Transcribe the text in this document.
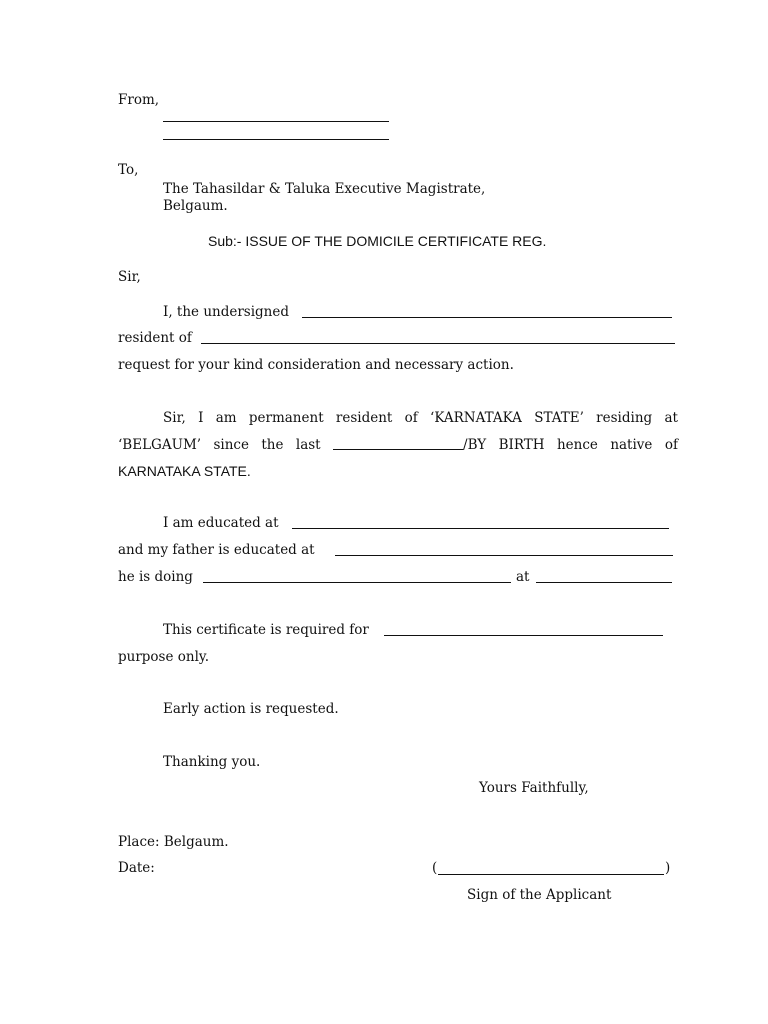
From,
To,
The Tahasildar & Taluka Executive Magistrate,
Belgaum.
Sub:- ISSUE OF THE DOMICILE CERTIFICATE REG.
Sir,
I, the undersigned
resident of
request for your kind consideration and necessary action.
Sir, I am permanent resident of ‘KARNATAKA STATE’ residing at
‘BELGAUM’ since the last	/BY BIRTH hence native of
KARNATAKA STATE.
I am educated at
and my father is educated at
he is doing	at
This certificate is required for
purpose only.
Early action is requested.
Thanking you.
Yours Faithfully,
Place: Belgaum.
Date:	(	)
Sign of the Applicant
